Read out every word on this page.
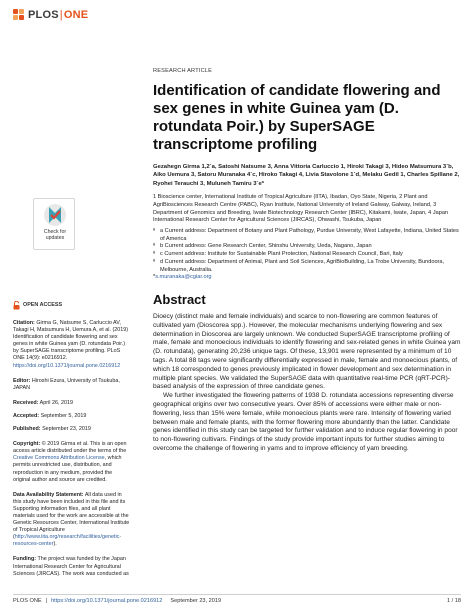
PLOS | ONE
Check for
updates
RESEARCH ARTICLE
Identification of candidate flowering and sex genes in white Guinea yam (D. rotundata Poir.) by SuperSAGE transcriptome profiling
Gezahegn Girma 1,2´a, Satoshi Natsume 3, Anna Vittoria Carluccio 1, Hiroki Takagi 3, Hideo Matsumura 3´b, Aiko Uemura 3, Satoru Muranaka 4´c, Hiroko Takagi 4, Livia Stavolone 1´d, Melaku Gedil 1, Charles Spillane 2, Ryohei Terauchi 3, Muluneh Tamiru 3´e*
1 Bioscience center, International Institute of Tropical Agriculture (IITA), Ibadan, Oyo State, Nigeria, 2 Plant and AgriBiosciences Research Centre (PABC), Ryan Institute, National University of Ireland Galway, Galway, Ireland, 3 Department of Genomics and Breeding, Iwate Biotechnology Research Center (IBRC), Kitakami, Iwate, Japan, 4 Japan International Research Center for Agricultural Sciences (JIRCAS), Ohwashi, Tsukuba, Japan
ª a Current address: Department of Botany and Plant Pathology, Purdue University, West Lafayette, Indiana, United States of America
ª b Current address: Gene Research Center, Shinshu University, Ueda, Nagano, Japan
ª c Current address: Institute for Sustainable Plant Protection, National Research Council, Bari, Italy
ª d Current address: Department of Animal, Plant and Soil Sciences, AgriBioBuilding, La Trobe University, Bundoora, Melbourne, Australia.
* s.muranaka@cgiar.org
Abstract

Dioecy (distinct male and female individuals) and scarce to non-flowering are common features of cultivated yam (Dioscorea spp.). However, the molecular mechanisms underlying flowering and sex determination in Dioscorea are largely unknown. We conducted SuperSAGE transcriptome profiling of male, female and monoecious individuals to identify flowering and sex-related genes in white Guinea yam (D. rotundata), generating 20,236 unique tags. Of these, 13,901 were represented by a minimum of 10 tags. A total 88 tags were significantly differentially expressed in male, female and monoecious plants, of which 18 corresponded to genes previously implicated in flower development and sex determination in multiple plant species. We validated the SuperSAGE data with quantitative real-time PCR (qRT-PCR)-based analysis of the expression of three candidate genes.

We further investigated the flowering patterns of 1938 D. rotundata accessions representing diverse geographical origins over two consecutive years. Over 85% of accessions were either male or non-flowering, less than 15% were female, while monoecious plants were rare. Intensity of flowering varied between male and female plants, with the former flowering more abundantly than the latter. Candidate genes identified in this study can be targeted for further validation and to induce regular flowering in poor to non-flowering cultivars. Findings of the study provide important inputs for further studies aiming to overcome the challenge of flowering in yams and to improve efficiency of yam breeding.

OPEN ACCESS
Citation: Girma G, Natsume S, Carluccio AV, Takagi H, Matsumura H, Uemura A, et al. (2019) Identification of candidate flowering and sex genes in white Guinea yam (D. rotundata Poir.) by SuperSAGE transcriptome profiling. PLoS ONE 14(9): e0216912. https://doi.org/10.1371/journal.pone.0216912
Editor: Hiroshi Ezura, University of Tsukuba, JAPAN
Received: April 26, 2019
Accepted: September 5, 2019
Published: September 23, 2019
Copyright: © 2019 Girma et al. This is an open access article distributed under the terms of the Creative Commons Attribution License, which permits unrestricted use, distribution, and reproduction in any medium, provided the original author and source are credited.
Data Availability Statement: All data used in this study have been included in this file and its Supporting information files, and all plant materials used for the work are accessible at the Genetic Resources Center, International Institute of Tropical Agriculture (http://www.iita.org/research/facilities/genetic-resources-center).
Funding: The project was funded by the Japan International Research Center for Agricultural Sciences (JIRCAS). The work was conducted as
PLOS ONE | https://doi.org/10.1371/journal.pone.0216912 September 23, 2019	1 / 18
